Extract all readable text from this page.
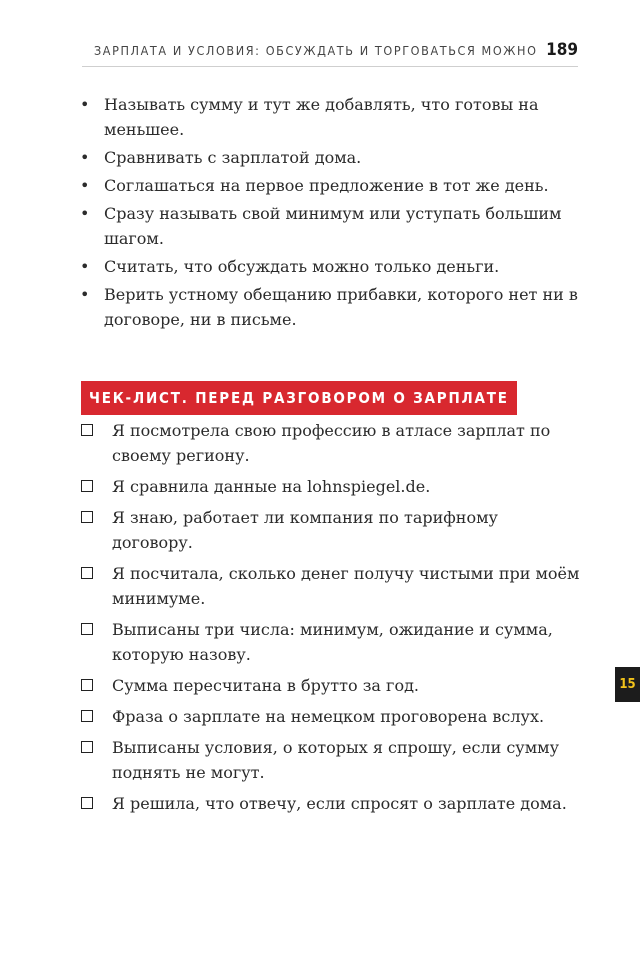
ЗАРПЛАТА И УСЛОВИЯ: ОБСУЖДАТЬ И ТОРГОВАТЬСЯ МОЖНО 189
• Называть сумму и тут же добавлять, что готовы на меньшее.
• Сравнивать с зарплатой дома.
• Соглашаться на первое предложение в тот же день.
• Сразу называть свой минимум или уступать большим шагом.
• Считать, что обсуждать можно только деньги.
• Верить устному обещанию прибавки, которого нет ни в договоре, ни в письме.
ЧЕК-ЛИСТ. ПЕРЕД РАЗГОВОРОМ О ЗАРПЛАТЕ
Я посмотрела свою профессию в атласе зарплат по своему региону.
Я сравнила данные на lohnspiegel.de.
Я знаю, работает ли компания по тарифному договору.
Я посчитала, сколько денег получу чистыми при моём минимуме.
Выписаны три числа: минимум, ожидание и сумма, которую назову.
Сумма пересчитана в брутто за год.
Фраза о зарплате на немецком проговорена вслух.
Выписаны условия, о которых я спрошу, если сумму поднять не могут.
Я решила, что отвечу, если спросят о зарплате дома.
15
